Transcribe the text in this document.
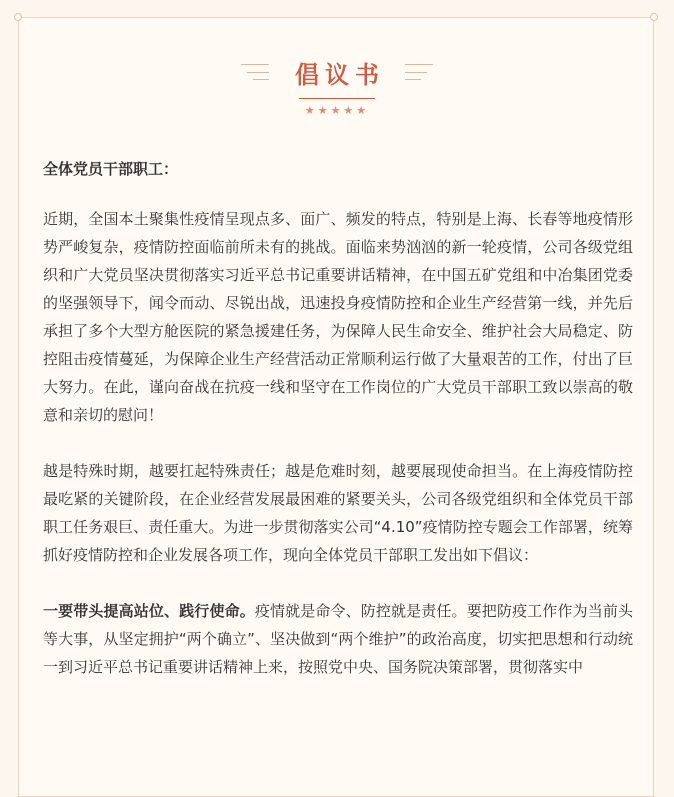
倡议书
★★★★★

全体党员干部职工：

近期，全国本土聚集性疫情呈现点多、面广、频发的特点，特别是上海、长春等地疫情形势严峻复杂，疫情防控面临前所未有的挑战。面临来势汹汹的新一轮疫情，公司各级党组织和广大党员坚决贯彻落实习近平总书记重要讲话精神，在中国五矿党组和中冶集团党委的坚强领导下，闻令而动、尽锐出战，迅速投身疫情防控和企业生产经营第一线，并先后承担了多个大型方舱医院的紧急援建任务，为保障人民生命安全、维护社会大局稳定、防控阻击疫情蔓延，为保障企业生产经营活动正常顺利运行做了大量艰苦的工作，付出了巨大努力。在此，谨向奋战在抗疫一线和坚守在工作岗位的广大党员干部职工致以崇高的敬意和亲切的慰问！

越是特殊时期，越要扛起特殊责任；越是危难时刻，越要展现使命担当。在上海疫情防控最吃紧的关键阶段，在企业经营发展最困难的紧要关头，公司各级党组织和全体党员干部职工任务艰巨、责任重大。为进一步贯彻落实公司“4.10”疫情防控专题会工作部署，统筹抓好疫情防控和企业发展各项工作，现向全体党员干部职工发出如下倡议：

一要带头提高站位、践行使命。疫情就是命令、防控就是责任。要把防疫工作作为当前头等大事，从坚定拥护“两个确立”、坚决做到“两个维护”的政治高度，切实把思想和行动统一到习近平总书记重要讲话精神上来，按照党中央、国务院决策部署，贯彻落实中
